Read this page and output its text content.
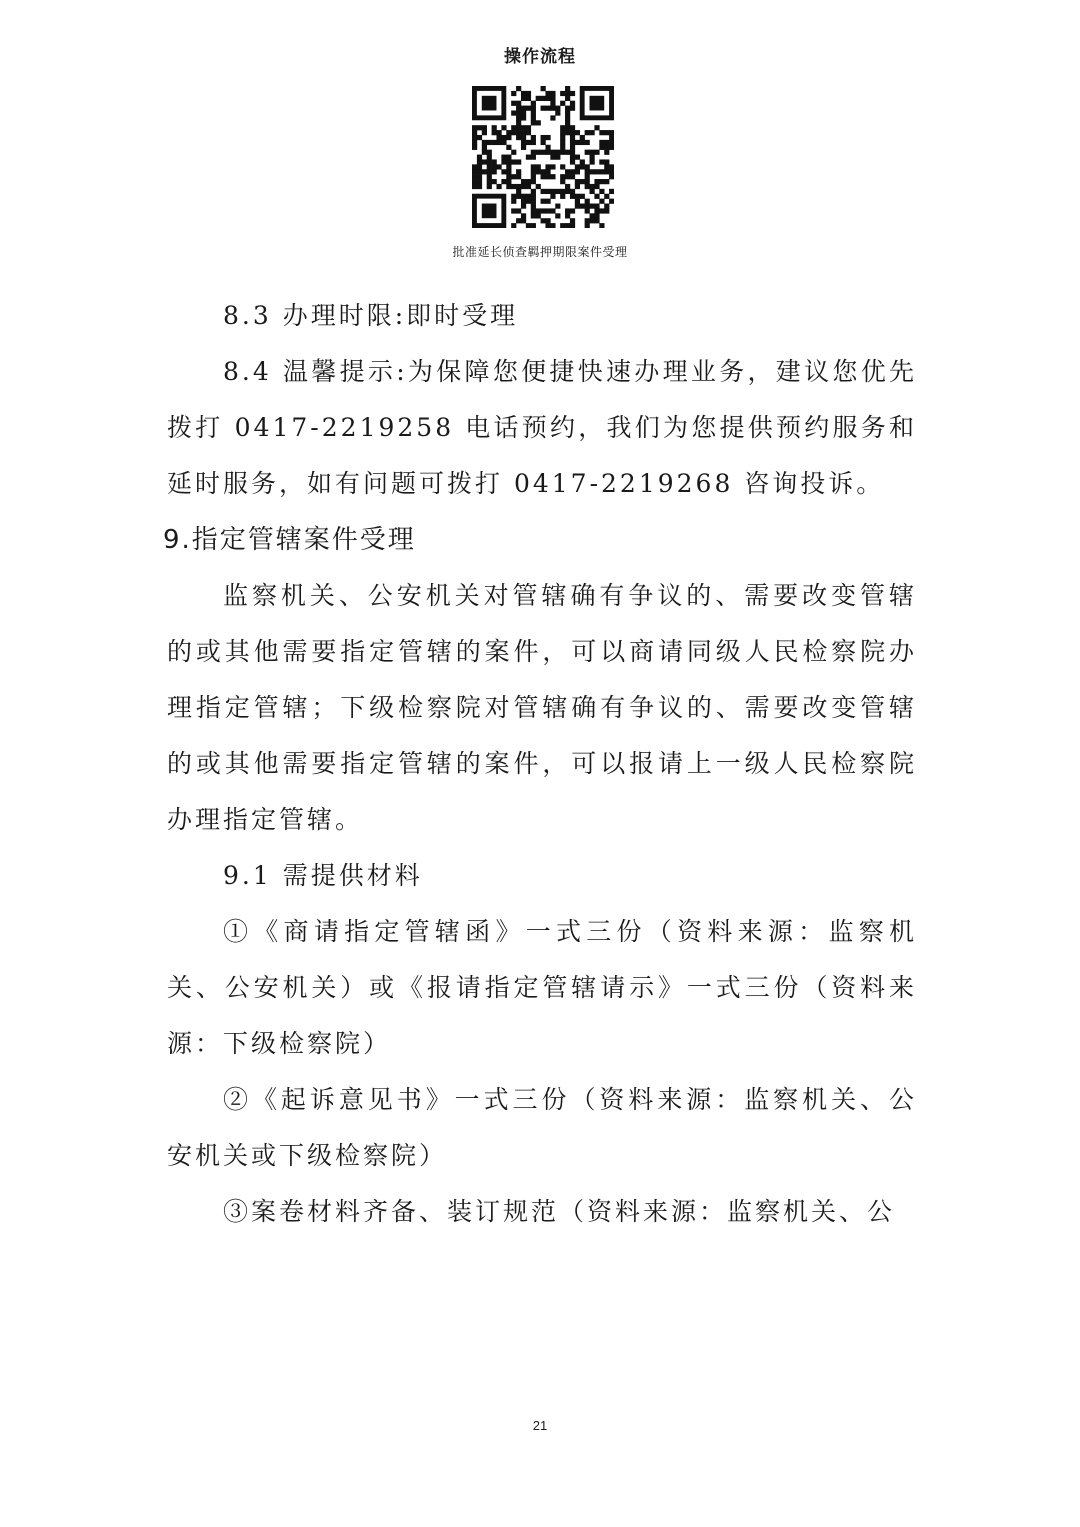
操作流程
批准延长侦查羁押期限案件受理

8.3 办理时限:即时受理

8.4 温馨提示:为保障您便捷快速办理业务，建议您优先拨打 0417-2219258 电话预约，我们为您提供预约服务和延时服务，如有问题可拨打 0417-2219268 咨询投诉。

9.指定管辖案件受理

监察机关、公安机关对管辖确有争议的、需要改变管辖的或其他需要指定管辖的案件，可以商请同级人民检察院办理指定管辖；下级检察院对管辖确有争议的、需要改变管辖的或其他需要指定管辖的案件，可以报请上一级人民检察院办理指定管辖。

9.1 需提供材料

①《商请指定管辖函》一式三份（资料来源：监察机关、公安机关）或《报请指定管辖请示》一式三份（资料来源：下级检察院）

②《起诉意见书》一式三份（资料来源：监察机关、公安机关或下级检察院）

③案卷材料齐备、装订规范（资料来源：监察机关、公

21
